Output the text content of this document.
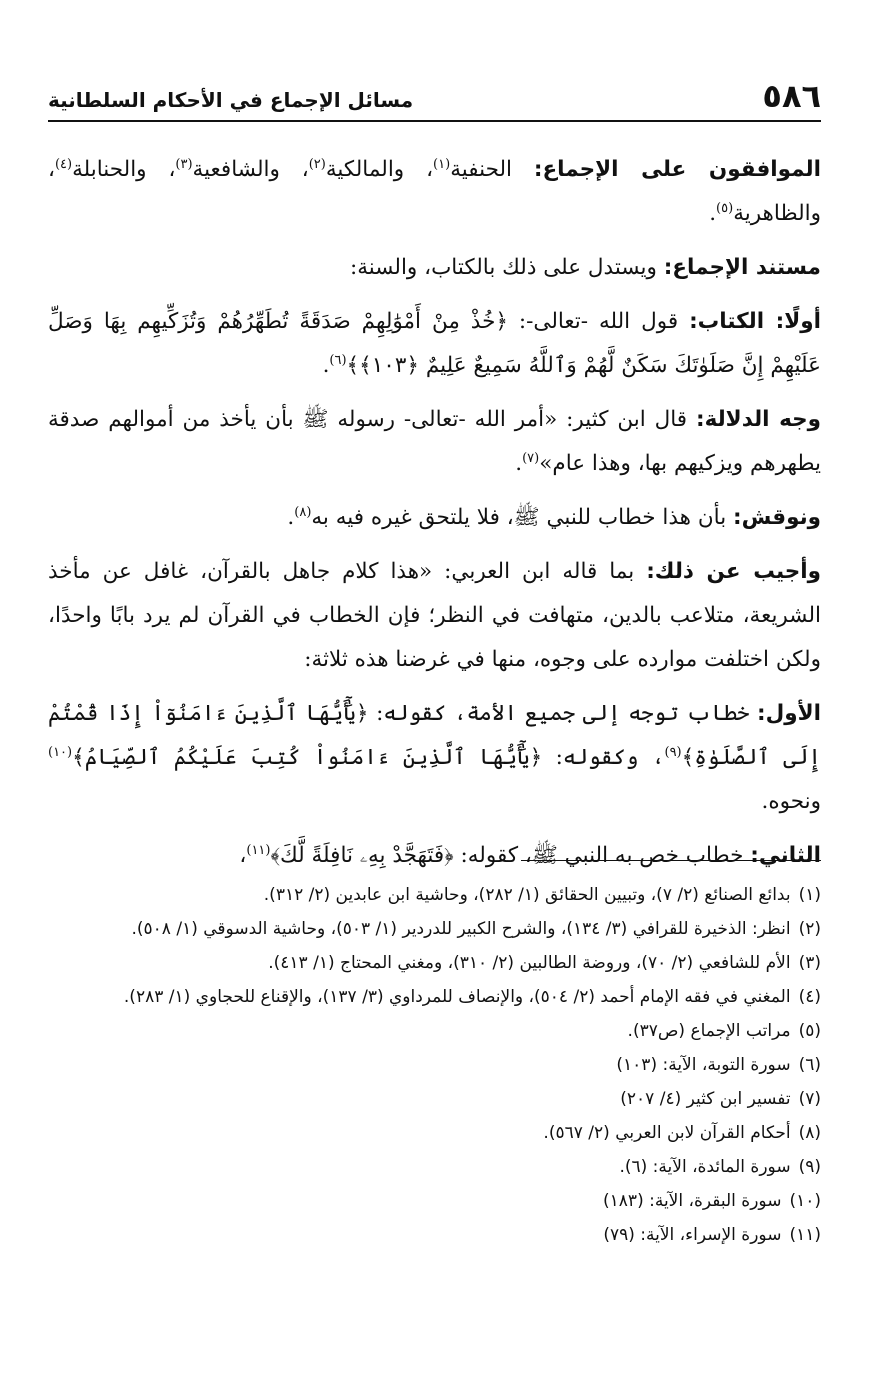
٥٨٦
مسائل الإجماع في الأحكام السلطانية

الموافقون على الإجماع: الحنفية$^{(١)}$، والمالكية$^{(٢)}$، والشافعية$^{(٣)}$، والحنابلة$^{(٤)}$، والظاهرية$^{(٥)}$.

مستند الإجماع: ويستدل على ذلك بالكتاب، والسنة:

أولًا: الكتاب: قول الله -تعالى-: ﴿خُذْ مِنْ أَمْوَٰلِهِمْ صَدَقَةً تُطَهِّرُهُمْ وَتُزَكِّيهِم بِهَا وَصَلِّ عَلَيْهِمْ إِنَّ صَلَوٰتَكَ سَكَنٌ لَّهُمْ وَٱللَّهُ سَمِيعٌ عَلِيمٌ ﴿١٠٣﴾﴾$^{(٦)}$.

وجه الدلالة: قال ابن كثير: «أمر الله -تعالى- رسوله ﷺ بأن يأخذ من أموالهم صدقة يطهرهم ويزكيهم بها، وهذا عام»$^{(٧)}$.

ونوقش: بأن هذا خطاب للنبي ﷺ، فلا يلتحق غيره فيه به$^{(٨)}$.

وأجيب عن ذلك: بما قاله ابن العربي: «هذا كلام جاهل بالقرآن، غافل عن مأخذ الشريعة، متلاعب بالدين، متهافت في النظر؛ فإن الخطاب في القرآن لم يرد بابًا واحدًا، ولكن اختلفت موارده على وجوه، منها في غرضنا هذه ثلاثة:

الأول: خطاب توجه إلى جميع الأمة، كقوله: ﴿يَٰٓأَيُّهَا ٱلَّذِينَ ءَامَنُوٓاْ إِذَا قُمْتُمْ إِلَى ٱلصَّلَوٰةِ﴾$^{(٩)}$، وكقوله: ﴿يَٰٓأَيُّهَا ٱلَّذِينَ ءَامَنُواْ كُتِبَ عَلَيْكُمُ ٱلصِّيَامُ﴾$^{(١٠)}$ ونحوه.

الثاني: خطاب خص به النبي ﷺ، كقوله: ﴿فَتَهَجَّدْ بِهِۦ نَافِلَةً لَّكَ﴾$^{(١١)}$،

(١)
بدائع الصنائع (٢/ ٧)، وتبيين الحقائق (١/ ٢٨٢)، وحاشية ابن عابدين (٢/ ٣١٢).
(٢)
انظر: الذخيرة للقرافي (٣/ ١٣٤)، والشرح الكبير للدردير (١/ ٥٠٣)، وحاشية الدسوقي (١/ ٥٠٨).
(٣)
الأم للشافعي (٢/ ٧٠)، وروضة الطالبين (٢/ ٣١٠)، ومغني المحتاج (١/ ٤١٣).
(٤)
المغني في فقه الإمام أحمد (٢/ ٥٠٤)، والإنصاف للمرداوي (٣/ ١٣٧)، والإقناع للحجاوي (١/ ٢٨٣).
(٥)
مراتب الإجماع (ص٣٧).
(٦)
سورة التوبة، الآية: (١٠٣)
(٧)
تفسير ابن كثير (٤/ ٢٠٧)
(٨)
أحكام القرآن لابن العربي (٢/ ٥٦٧).
(٩)
سورة المائدة، الآية: (٦).
(١٠)
سورة البقرة، الآية: (١٨٣)
(١١)
سورة الإسراء، الآية: (٧٩)
